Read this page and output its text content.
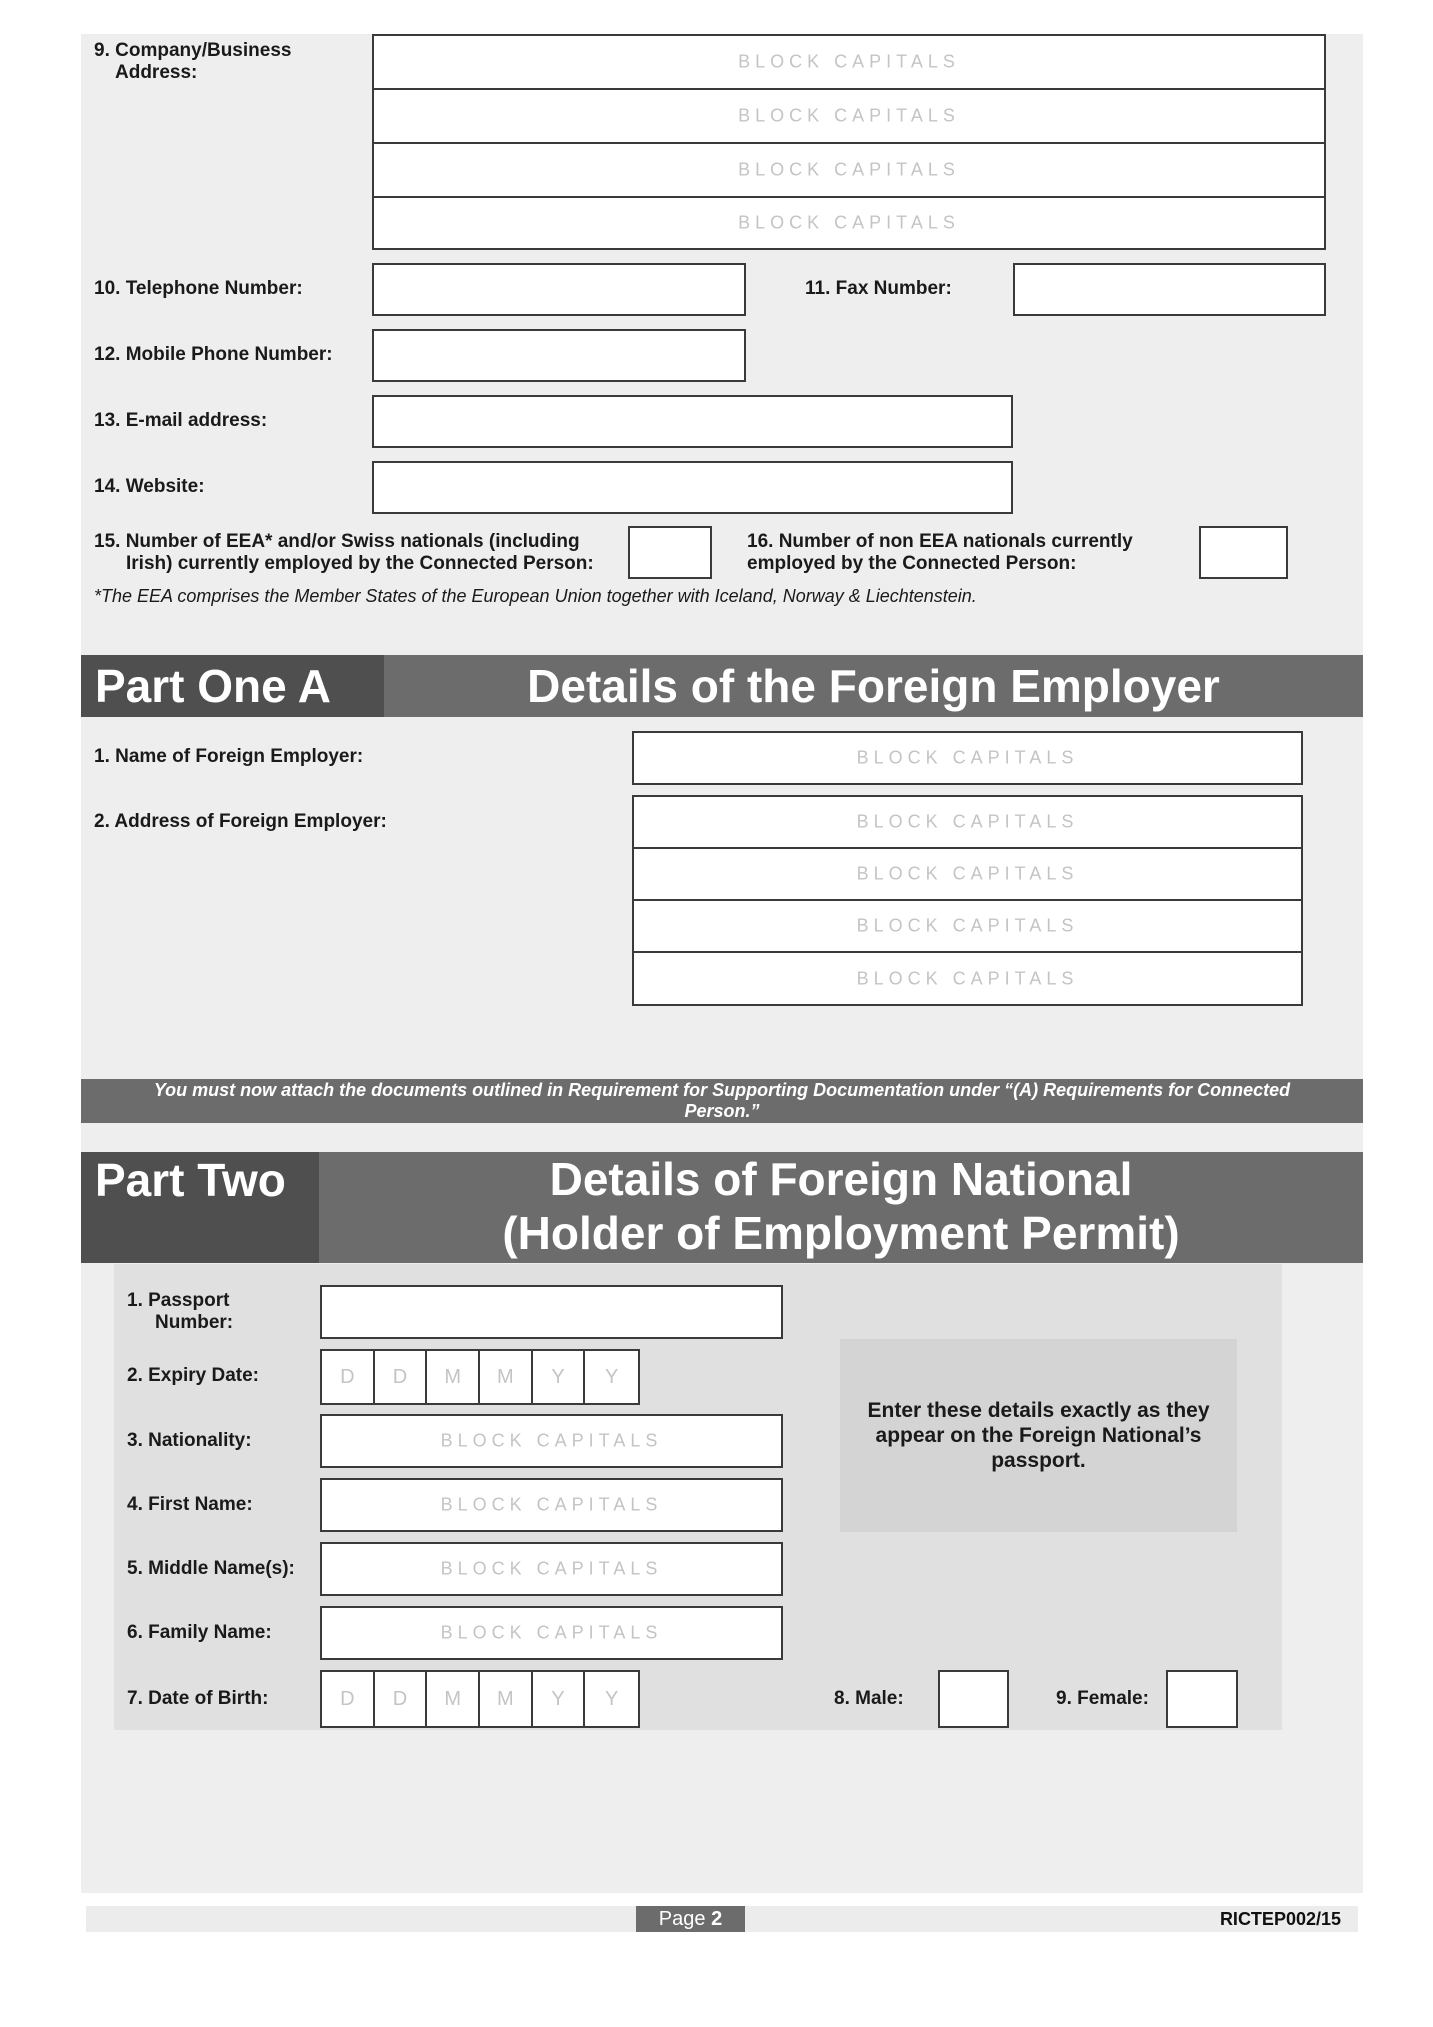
9. Company/Business
Address:
BLOCK CAPITALS
BLOCK CAPITALS
BLOCK CAPITALS
BLOCK CAPITALS
10. Telephone Number:	11. Fax Number:
12. Mobile Phone Number:
13. E-mail address:
14. Website:
15. Number of EEA* and/or Swiss nationals (including
Irish) currently employed by the Connected Person:
16. Number of non EEA nationals currently
employed by the Connected Person:
*The EEA comprises the Member States of the European Union together with Iceland, Norway & Liechtenstein.
Part One A	Details of the Foreign Employer
1. Name of Foreign Employer:	BLOCK CAPITALS
2. Address of Foreign Employer:	BLOCK CAPITALS
BLOCK CAPITALS
BLOCK CAPITALS
BLOCK CAPITALS
You must now attach the documents outlined in Requirement for Supporting Documentation under “(A) Requirements for Connected
Person.”
Part Two	Details of Foreign National
(Holder of Employment Permit)
1. Passport
Number:
2. Expiry Date:	D	D	M	M	Y	Y
3. Nationality:	BLOCK CAPITALS
4. First Name:	BLOCK CAPITALS
5. Middle Name(s):	BLOCK CAPITALS
6. Family Name:	BLOCK CAPITALS
7. Date of Birth:	D	D	M	M	Y	Y	8. Male:	9. Female:
Enter these details exactly as they appear on the Foreign National’s passport.
Page 2	RICTEP002/15
